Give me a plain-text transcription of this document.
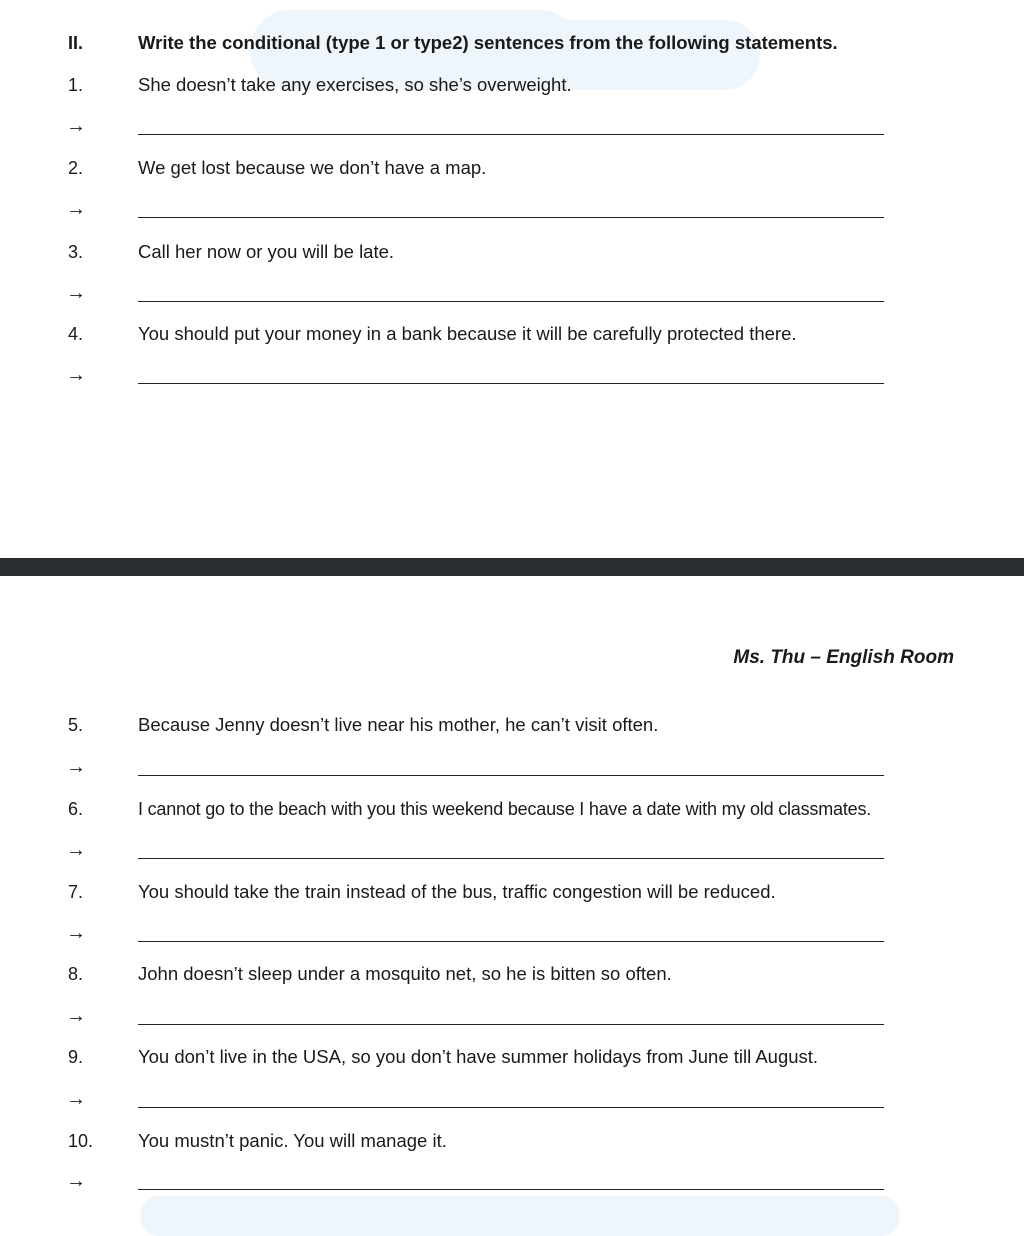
II.	Write the conditional (type 1 or type2) sentences from the following statements.
1.	She doesn’t take any exercises, so she’s overweight.
→
2.	We get lost because we don’t have a map.
→
3.	Call her now or you will be late.
→
4.	You should put your money in a bank because it will be carefully protected there.
→
Ms. Thu – English Room
5.	Because Jenny doesn’t live near his mother, he can’t visit often.
→
6.	I cannot go to the beach with you this weekend because I have a date with my old classmates.
→
7.	You should take the train instead of the bus, traffic congestion will be reduced.
→
8.	John doesn’t sleep under a mosquito net, so he is bitten so often.
→
9.	You don’t live in the USA, so you don’t have summer holidays from June till August.
→
10. You mustn’t panic. You will manage it.
→
